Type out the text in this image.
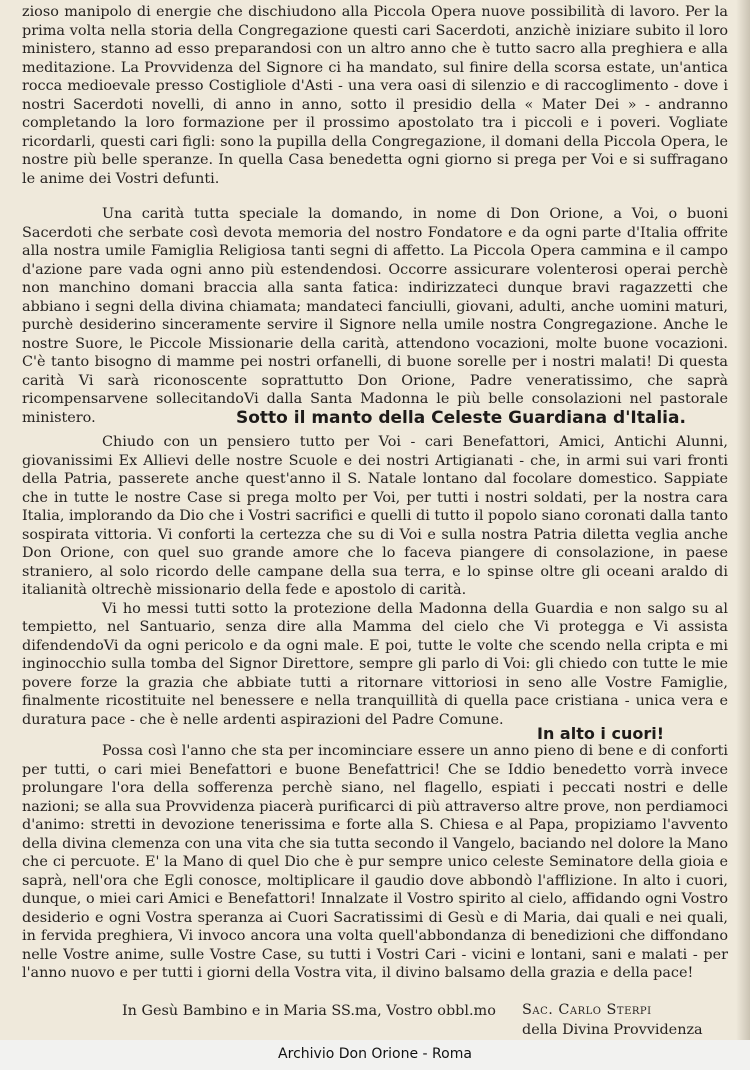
zioso manipolo di energie che dischiudono alla Piccola Opera nuove possibilità di lavoro. Per la prima volta nella storia della Congregazione questi cari Sacerdoti, anzichè iniziare subito il loro ministero, stanno ad esso preparandosi con un altro anno che è tutto sacro alla preghiera e alla meditazione. La Provvidenza del Signore ci ha mandato, sul finire della scorsa estate, un'antica rocca medioevale presso Costigliole d'Asti - una vera oasi di silenzio e di raccoglimento - dove i nostri Sacerdoti novelli, di anno in anno, sotto il presidio della « Mater Dei » - andranno completando la loro formazione per il prossimo apostolato tra i piccoli e i poveri. Vogliate ricordarli, questi cari figli: sono la pupilla della Congregazione, il domani della Piccola Opera, le nostre più belle speranze. In quella Casa benedetta ogni giorno si prega per Voi e si suffragano le anime dei Vostri defunti.

Una carità tutta speciale la domando, in nome di Don Orione, a Voi, o buoni Sacerdoti che serbate così devota memoria del nostro Fondatore e da ogni parte d'Italia offrite alla nostra umile Famiglia Religiosa tanti segni di affetto. La Piccola Opera cammina e il campo d'azione pare vada ogni anno più estendendosi. Occorre assicurare volenterosi operai perchè non manchino domani braccia alla santa fatica: indirizzateci dunque bravi ragazzetti che abbiano i segni della divina chiamata; mandateci fanciulli, giovani, adulti, anche uomini maturi, purchè desiderino sinceramente servire il Signore nella umile nostra Congregazione. Anche le nostre Suore, le Piccole Missionarie della carità, attendono vocazioni, molte buone vocazioni. C'è tanto bisogno di mamme pei nostri orfanelli, di buone sorelle per i nostri malati! Di questa carità Vi sarà riconoscente soprattutto Don Orione, Padre veneratissimo, che saprà ricompensarvene sollecitandoVi dalla Santa Madonna le più belle consolazioni nel pastorale ministero.	Sotto il manto della Celeste Guardiana d'Italia.

Chiudo con un pensiero tutto per Voi - cari Benefattori, Amici, Antichi Alunni, giovanissimi Ex Allievi delle nostre Scuole e dei nostri Artigianati - che, in armi sui vari fronti della Patria, passerete anche quest'anno il S. Natale lontano dal focolare domestico. Sappiate che in tutte le nostre Case si prega molto per Voi, per tutti i nostri soldati, per la nostra cara Italia, implorando da Dio che i Vostri sacrifici e quelli di tutto il popolo siano coronati dalla tanto sospirata vittoria. Vi conforti la certezza che su di Voi e sulla nostra Patria diletta veglia anche Don Orione, con quel suo grande amore che lo faceva piangere di consolazione, in paese straniero, al solo ricordo delle campane della sua terra, e lo spinse oltre gli oceani araldo di italianità oltrechè missionario della fede e apostolo di carità.

Vi ho messi tutti sotto la protezione della Madonna della Guardia e non salgo su al tempietto, nel Santuario, senza dire alla Mamma del cielo che Vi protegga e Vi assista difendendoVi da ogni pericolo e da ogni male. E poi, tutte le volte che scendo nella cripta e mi inginocchio sulla tomba del Signor Direttore, sempre gli parlo di Voi: gli chiedo con tutte le mie povere forze la grazia che abbiate tutti a ritornare vittoriosi in seno alle Vostre Famiglie, finalmente ricostituite nel benessere e nella tranquillità di quella pace cristiana - unica vera e duratura pace - che è nelle ardenti aspirazioni del Padre Comune.

In alto i cuori!

Possa così l'anno che sta per incominciare essere un anno pieno di bene e di conforti per tutti, o cari miei Benefattori e buone Benefattrici! Che se Iddio benedetto vorrà invece prolungare l'ora della sofferenza perchè siano, nel flagello, espiati i peccati nostri e delle nazioni; se alla sua Provvidenza piacerà purificarci di più attraverso altre prove, non perdiamoci d'animo: stretti in devozione tenerissima e forte alla S. Chiesa e al Papa, propiziamo l'avvento della divina clemenza con una vita che sia tutta secondo il Vangelo, baciando nel dolore la Mano che ci percuote. E' la Mano di quel Dio che è pur sempre unico celeste Seminatore della gioia e saprà, nell'ora che Egli conosce, moltiplicare il gaudio dove abbondò l'afflizione. In alto i cuori, dunque, o miei cari Amici e Benefattori! Innalzate il Vostro spirito al cielo, affidando ogni Vostro desiderio e ogni Vostra speranza ai Cuori Sacratissimi di Gesù e di Maria, dai quali e nei quali, in fervida preghiera, Vi invoco ancora una volta quell'abbondanza di benedizioni che diffondano nelle Vostre anime, sulle Vostre Case, su tutti i Vostri Cari - vicini e lontani, sani e malati - per l'anno nuovo e per tutti i giorni della Vostra vita, il divino balsamo della grazia e della pace!

In Gesù Bambino e in Maria SS.ma, Vostro obbl.mo Sac. Carlo Sterpi
della Divina Provvidenza
Archivio Don Orione - Roma
